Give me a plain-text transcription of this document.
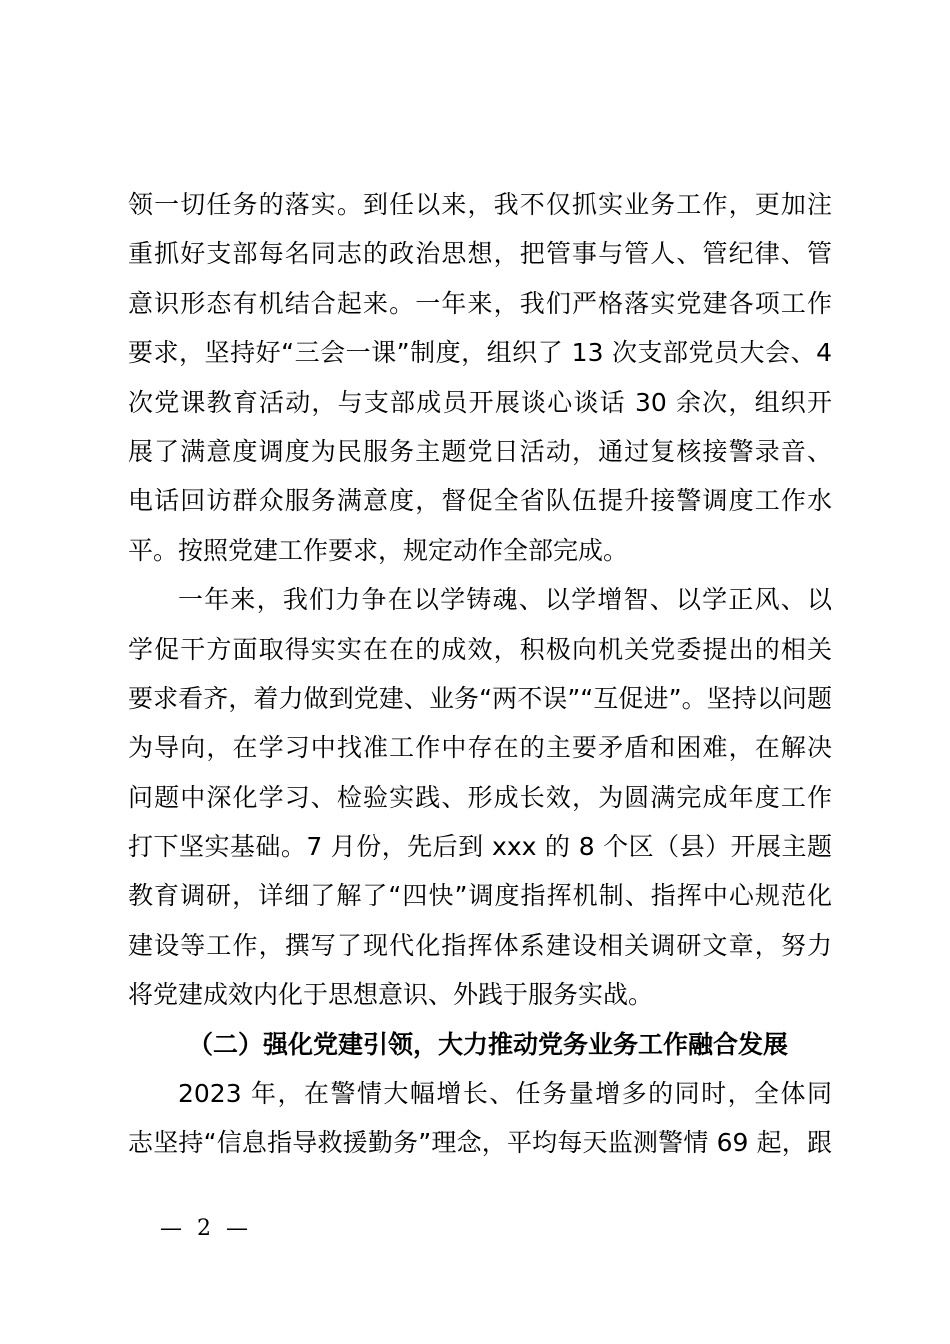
领一切任务的落实。到任以来，我不仅抓实业务工作，更加注
重抓好支部每名同志的政治思想，把管事与管人、管纪律、管
意识形态有机结合起来。一年来，我们严格落实党建各项工作
要求，坚持好“三会一课”制度，组织了 13 次支部党员大会、4
次党课教育活动，与支部成员开展谈心谈话 30 余次，组织开
展了满意度调度为民服务主题党日活动，通过复核接警录音、
电话回访群众服务满意度，督促全省队伍提升接警调度工作水
平。按照党建工作要求，规定动作全部完成。
一年来，我们力争在以学铸魂、以学增智、以学正风、以
学促干方面取得实实在在的成效，积极向机关党委提出的相关
要求看齐，着力做到党建、业务“两不误”“互促进”。坚持以问题
为导向，在学习中找准工作中存在的主要矛盾和困难，在解决
问题中深化学习、检验实践、形成长效，为圆满完成年度工作
打下坚实基础。7 月份，先后到 xxx 的 8 个区（县）开展主题
教育调研，详细了解了“四快”调度指挥机制、指挥中心规范化
建设等工作，撰写了现代化指挥体系建设相关调研文章，努力
将党建成效内化于思想意识、外践于服务实战。
（二）强化党建引领，大力推动党务业务工作融合发展
2023 年，在警情大幅增长、任务量增多的同时，全体同
志坚持“信息指导救援勤务”理念，平均每天监测警情 69 起，跟
— 2 —
